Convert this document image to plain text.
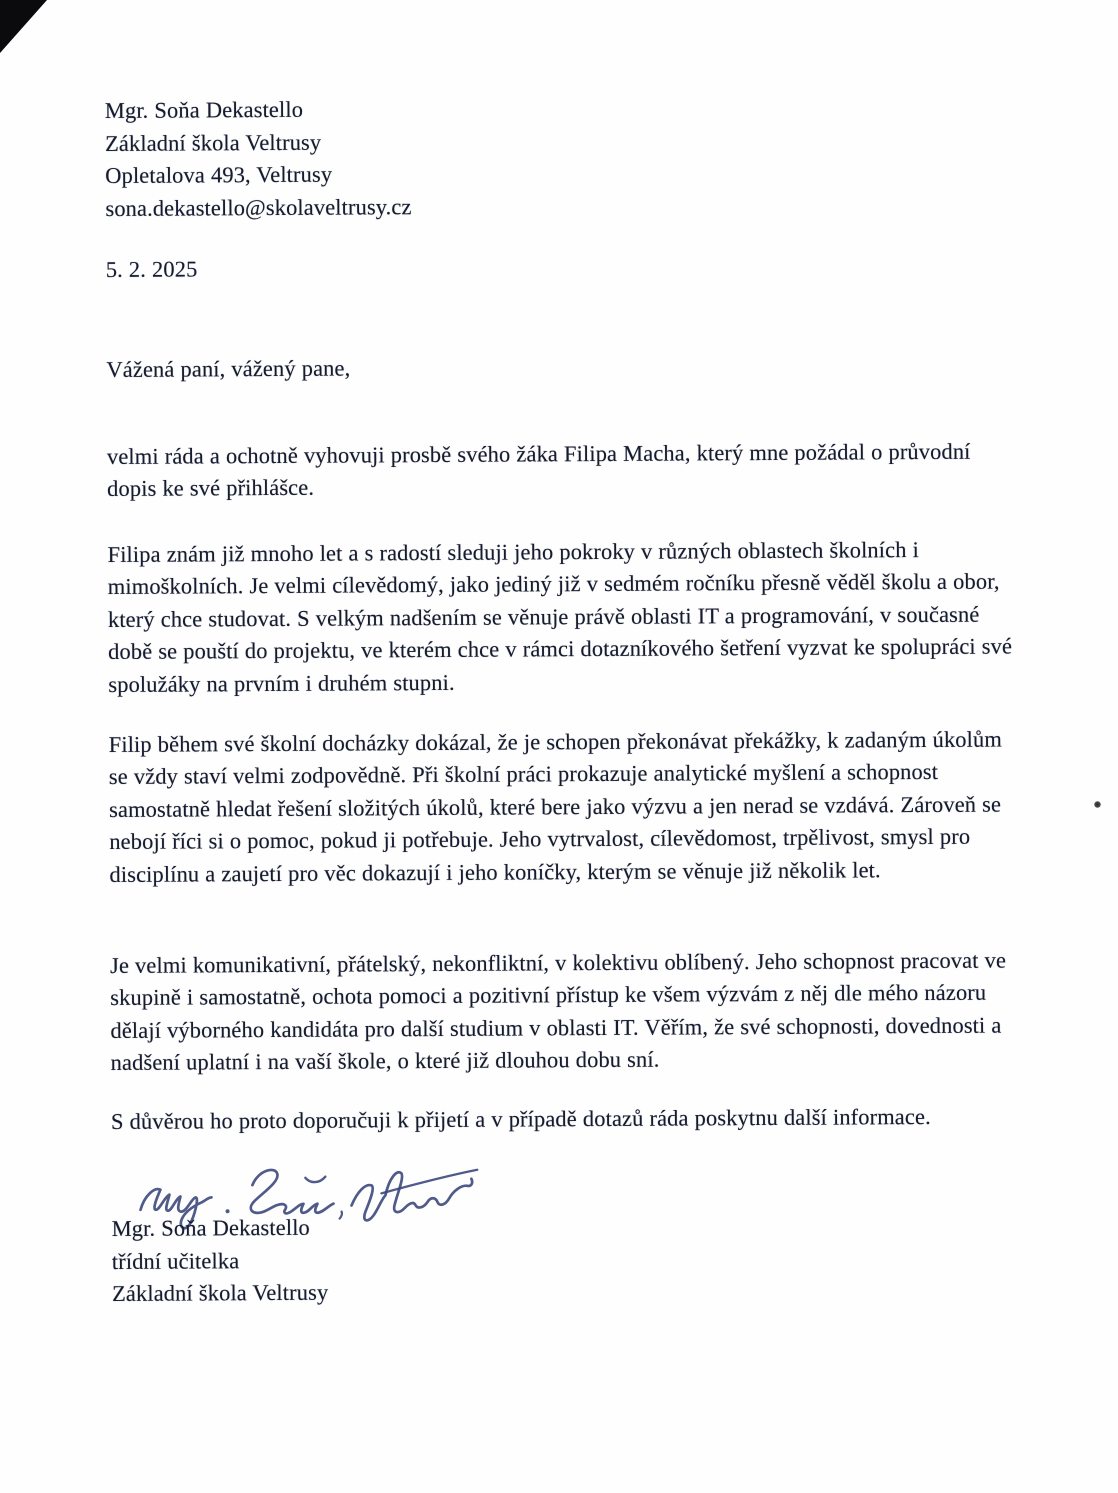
Mgr. Soňa Dekastello
Základní škola Veltrusy
Opletalova 493, Veltrusy
sona.dekastello@skolaveltrusy.cz
5. 2. 2025
Vážená paní, vážený pane,

velmi ráda a ochotně vyhovuji prosbě svého žáka Filipa Macha, který mne požádal o průvodní dopis ke své přihlášce.

Filipa znám již mnoho let a s radostí sleduji jeho pokroky v různých oblastech školních i mimoškolních. Je velmi cílevědomý, jako jediný již v sedmém ročníku přesně věděl školu a obor, který chce studovat. S velkým nadšením se věnuje právě oblasti IT a programování, v současné době se pouští do projektu, ve kterém chce v rámci dotazníkového šetření vyzvat ke spolupráci své spolužáky na prvním i druhém stupni.

Filip během své školní docházky dokázal, že je schopen překonávat překážky, k zadaným úkolům se vždy staví velmi zodpovědně. Při školní práci prokazuje analytické myšlení a schopnost samostatně hledat řešení složitých úkolů, které bere jako výzvu a jen nerad se vzdává. Zároveň se nebojí říci si o pomoc, pokud ji potřebuje. Jeho vytrvalost, cílevědomost, trpělivost, smysl pro disciplínu a zaujetí pro věc dokazují i jeho koníčky, kterým se věnuje již několik let.

Je velmi komunikativní, přátelský, nekonfliktní, v kolektivu oblíbený. Jeho schopnost pracovat ve skupině i samostatně, ochota pomoci a pozitivní přístup ke všem výzvám z něj dle mého názoru dělají výborného kandidáta pro další studium v oblasti IT. Věřím, že své schopnosti, dovednosti a nadšení uplatní i na vaší škole, o které již dlouhou dobu sní.

S důvěrou ho proto doporučuji k přijetí a v případě dotazů ráda poskytnu další informace.

Mgr. Soňa Dekastello
třídní učitelka
Základní škola Veltrusy
